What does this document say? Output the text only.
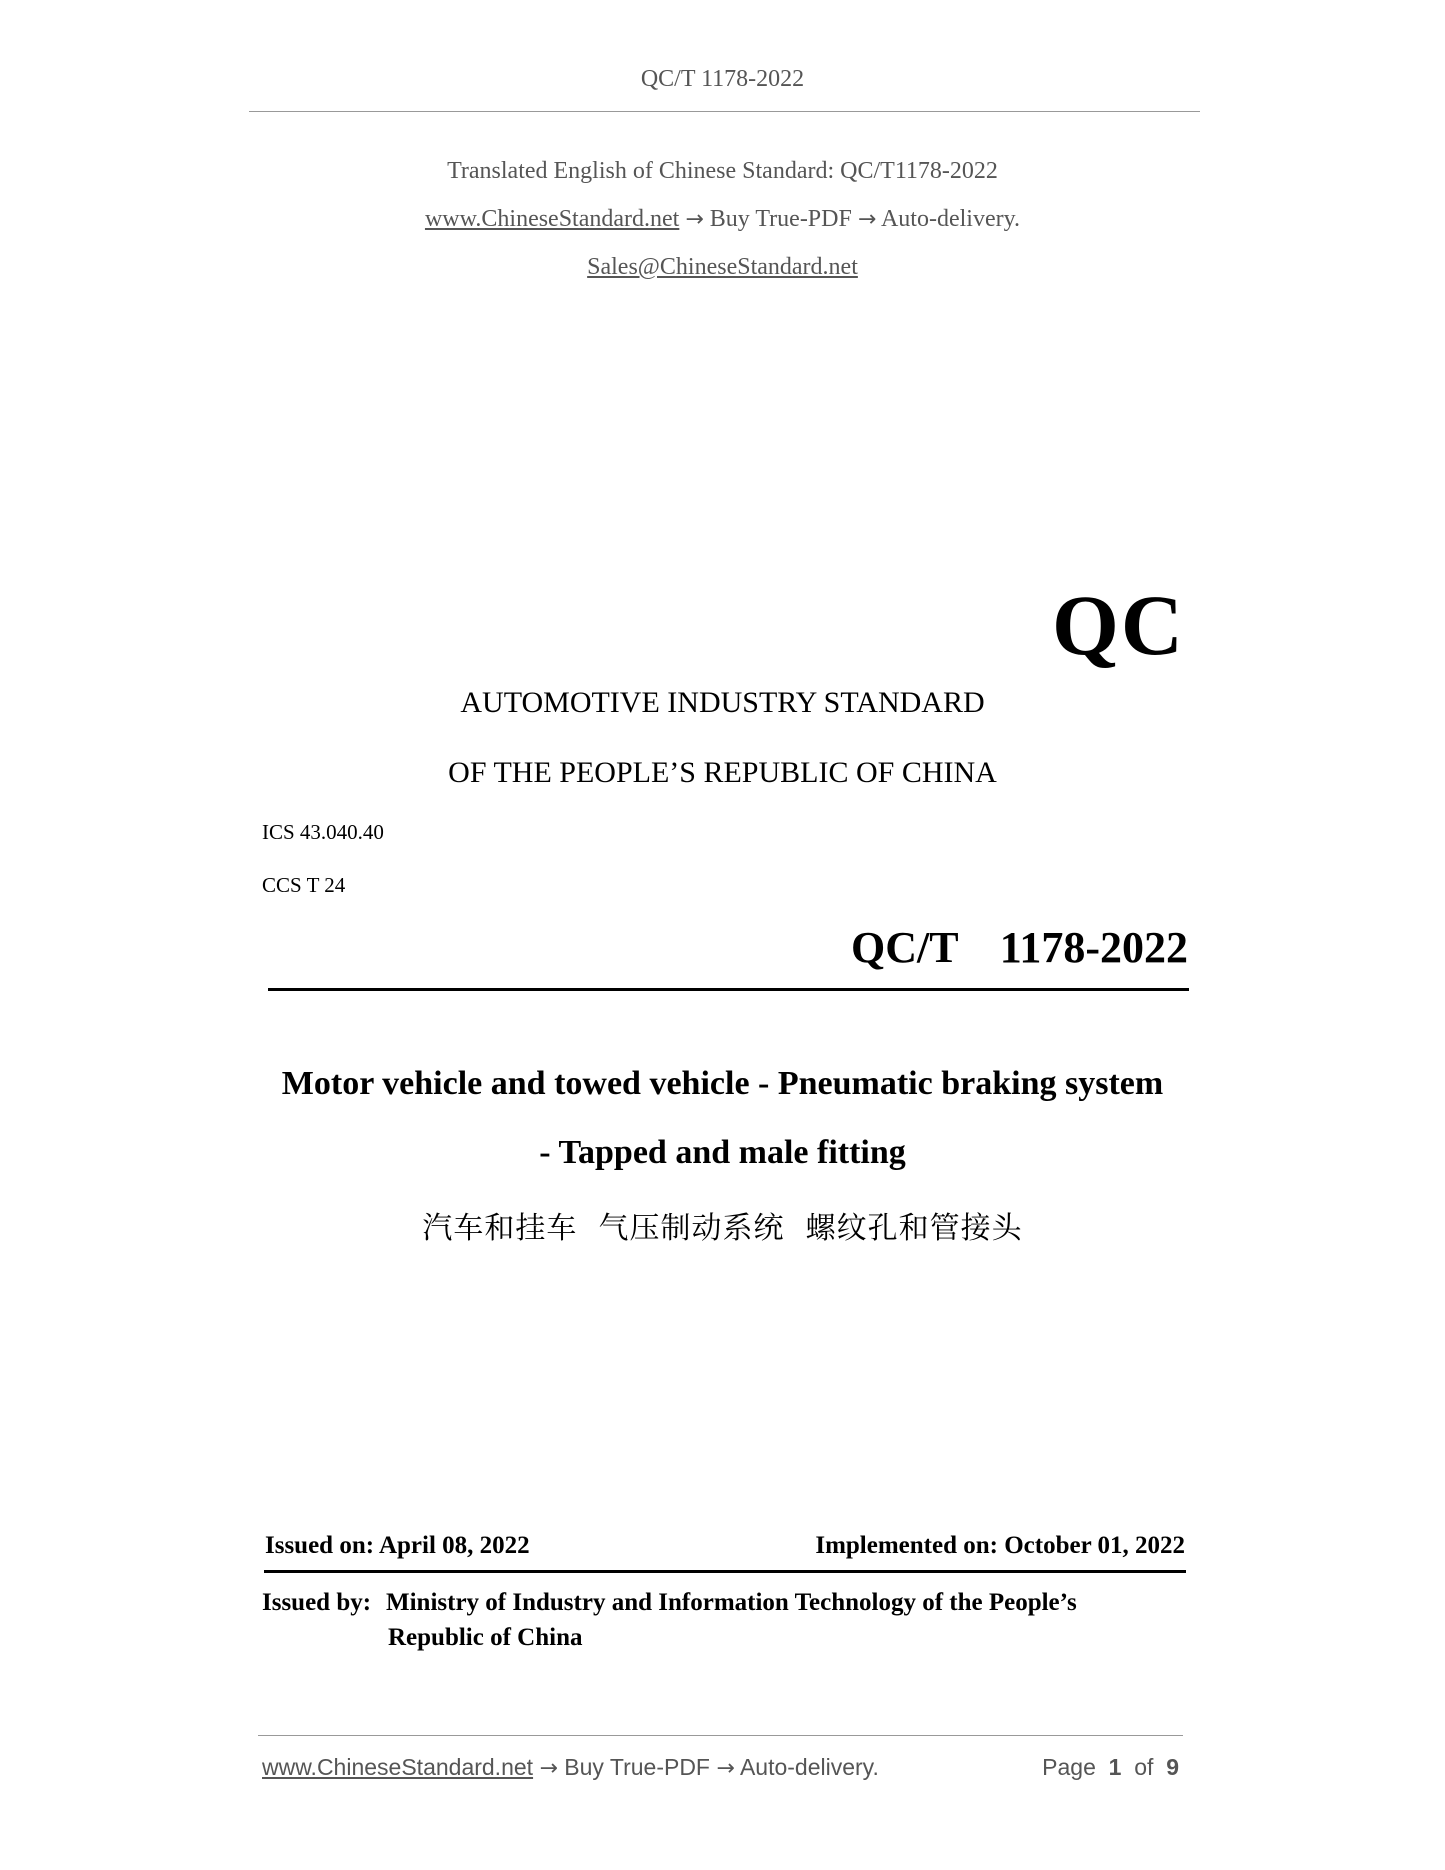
QC/T 1178-2022
Translated English of Chinese Standard: QC/T1178-2022
www.ChineseStandard.net → Buy True-PDF → Auto-delivery.
Sales@ChineseStandard.net
QC
AUTOMOTIVE INDUSTRY STANDARD
OF THE PEOPLE’S REPUBLIC OF CHINA
ICS 43.040.40
CCS T 24
QC/T  1178-2022
Motor vehicle and towed vehicle - Pneumatic braking system
- Tapped and male fitting
汽车和挂车  气压制动系统  螺纹孔和管接头
Issued on: April 08, 2022	Implemented on: October 01, 2022
Issued by: Ministry of Industry and Information Technology of the People’s
Republic of China
www.ChineseStandard.net → Buy True-PDF → Auto-delivery.	Page 1 of 9
